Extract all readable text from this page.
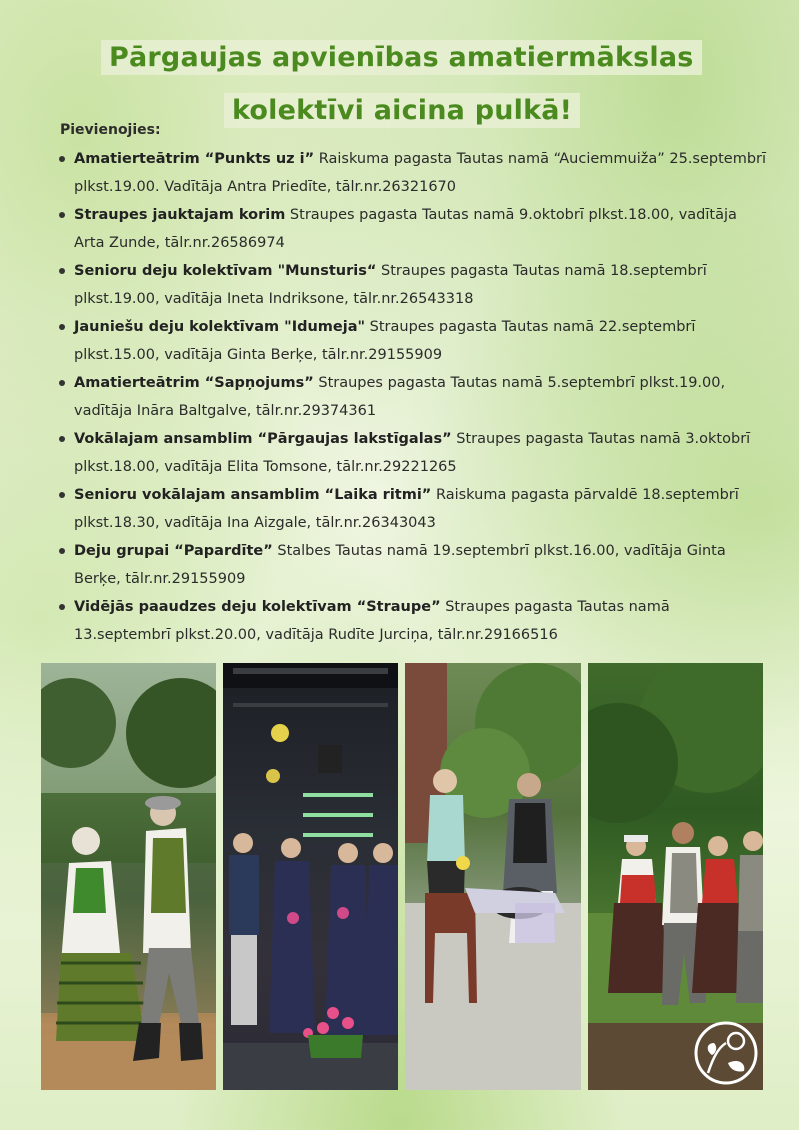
Pārgaujas apvienības amatiermākslas
kolektīvi aicina pulkā!
Pievienojies:
Amatierteātrim “Punkts uz i” Raiskuma pagasta Tautas namā “Auciemmuiža” 25.septembrī plkst.19.00. Vadītāja Antra Priedīte, tālr.nr.26321670
Straupes jauktajam korim Straupes pagasta Tautas namā 9.oktobrī plkst.18.00, vadītāja Arta Zunde, tālr.nr.26586974
Senioru deju kolektīvam "Munsturis“ Straupes pagasta Tautas namā 18.septembrī plkst.19.00, vadītāja Ineta Indriksone, tālr.nr.26543318
Jauniešu deju kolektīvam "Idumeja" Straupes pagasta Tautas namā 22.septembrī plkst.15.00, vadītāja Ginta Berķe, tālr.nr.29155909
Amatierteātrim “Sapņojums” Straupes pagasta Tautas namā 5.septembrī plkst.19.00, vadītāja Ināra Baltgalve, tālr.nr.29374361
Vokālajam ansamblim “Pārgaujas lakstīgalas” Straupes pagasta Tautas namā 3.oktobrī plkst.18.00, vadītāja Elita Tomsone, tālr.nr.29221265
Senioru vokālajam ansamblim “Laika ritmi” Raiskuma pagasta pārvaldē 18.septembrī plkst.18.30, vadītāja Ina Aizgale, tālr.nr.26343043
Deju grupai “Papardīte” Stalbes Tautas namā 19.septembrī plkst.16.00, vadītāja Ginta Berķe, tālr.nr.29155909
Vidējās paaudzes deju kolektīvam “Straupe” Straupes pagasta Tautas namā 13.septembrī plkst.20.00, vadītāja Rudīte Jurciņa, tālr.nr.29166516
